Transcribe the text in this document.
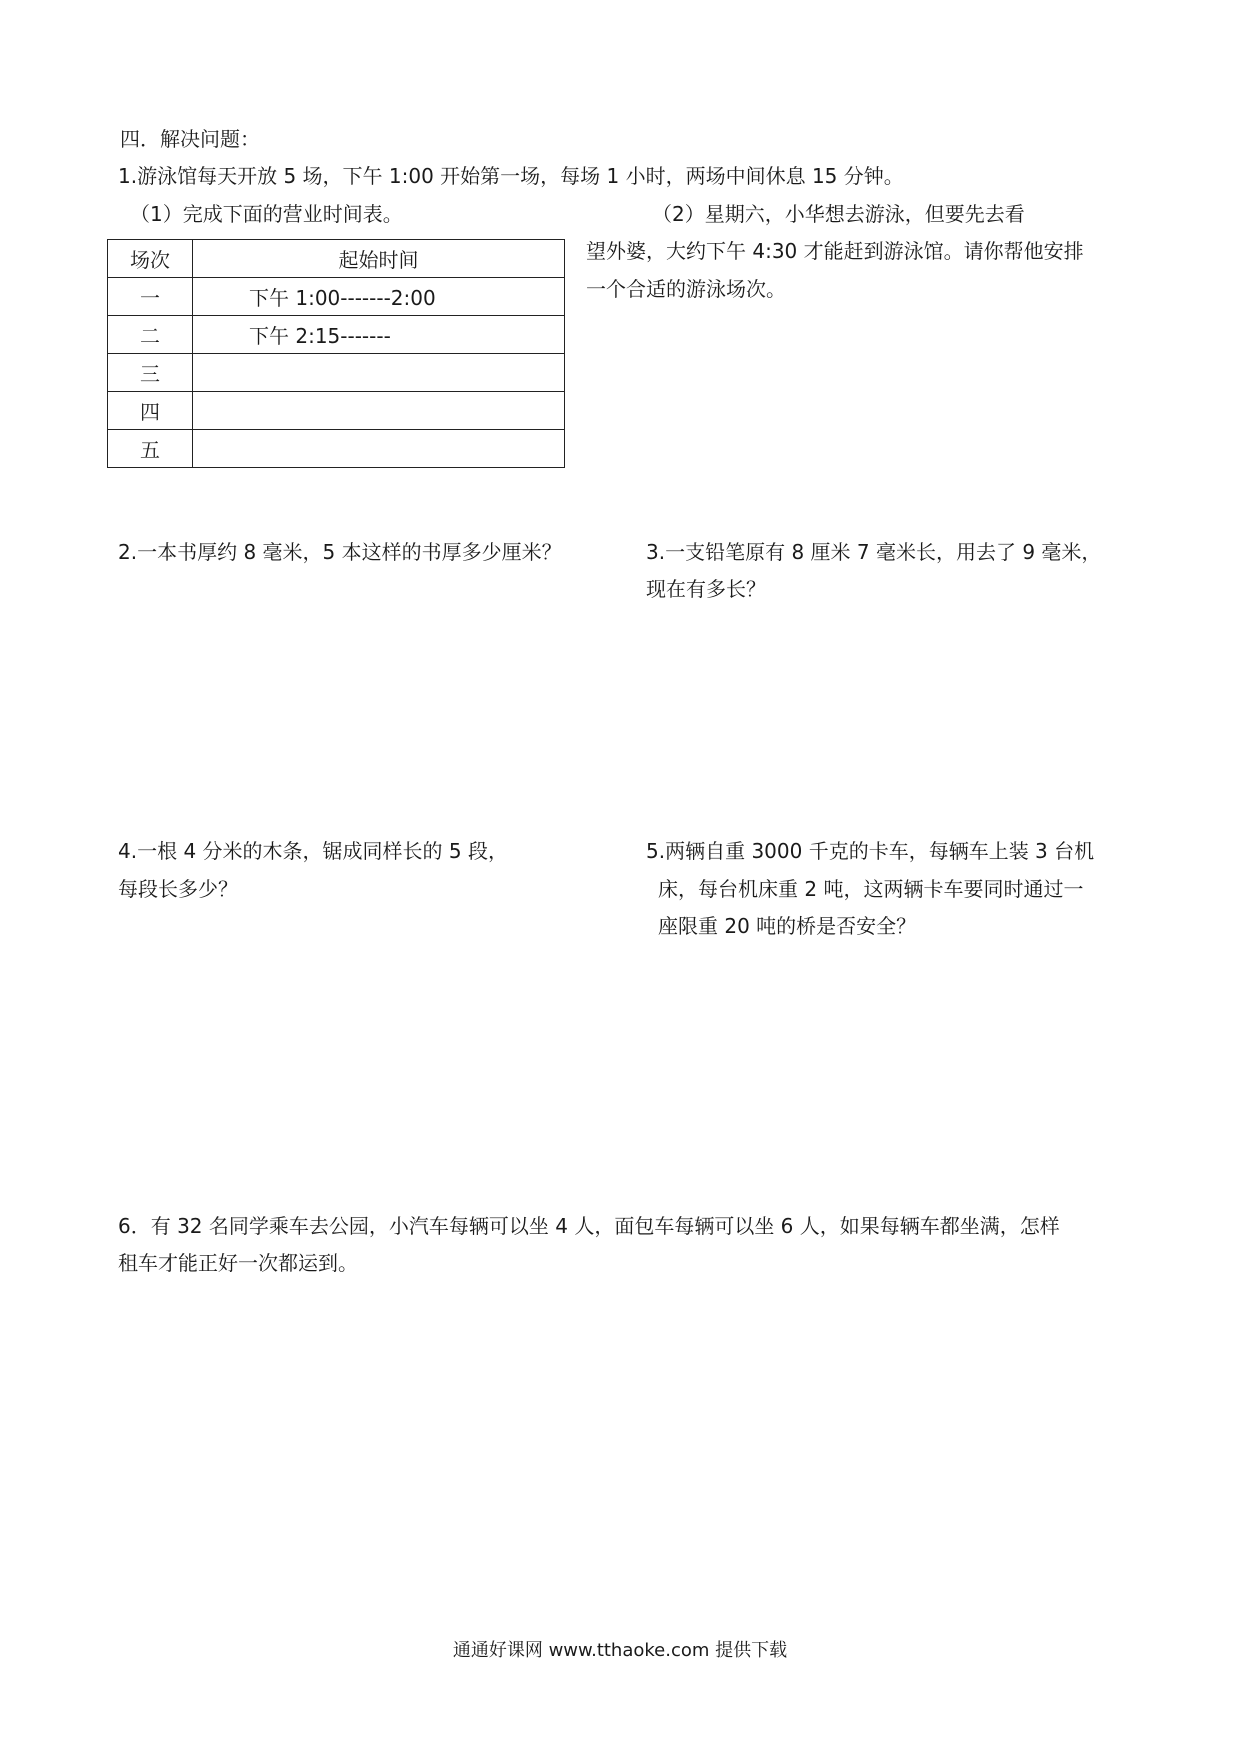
四．解决问题：
1.游泳馆每天开放 5 场，下午 1:00 开始第一场，每场 1 小时，两场中间休息 15 分钟。
（1）完成下面的营业时间表。	（2）星期六，小华想去游泳，但要先去看
望外婆，大约下午 4:30 才能赶到游泳馆。请你帮他安排
一个合适的游泳场次。
场次	起始时间
一	下午 1:00-------2:00
二	下午 2:15-------
三	
四	
五	
2.一本书厚约 8 毫米，5 本这样的书厚多少厘米？	3.一支铅笔原有 8 厘米 7 毫米长，用去了 9 毫米，
现在有多长？
4.一根 4 分米的木条，锯成同样长的 5 段，
每段长多少？
5.两辆自重 3000 千克的卡车，每辆车上装 3 台机
床，每台机床重 2 吨，这两辆卡车要同时通过一
座限重 20 吨的桥是否安全？
6．有 32 名同学乘车去公园，小汽车每辆可以坐 4 人，面包车每辆可以坐 6 人，如果每辆车都坐满，怎样
租车才能正好一次都运到。
通通好课网 www.tthaoke.com 提供下载
